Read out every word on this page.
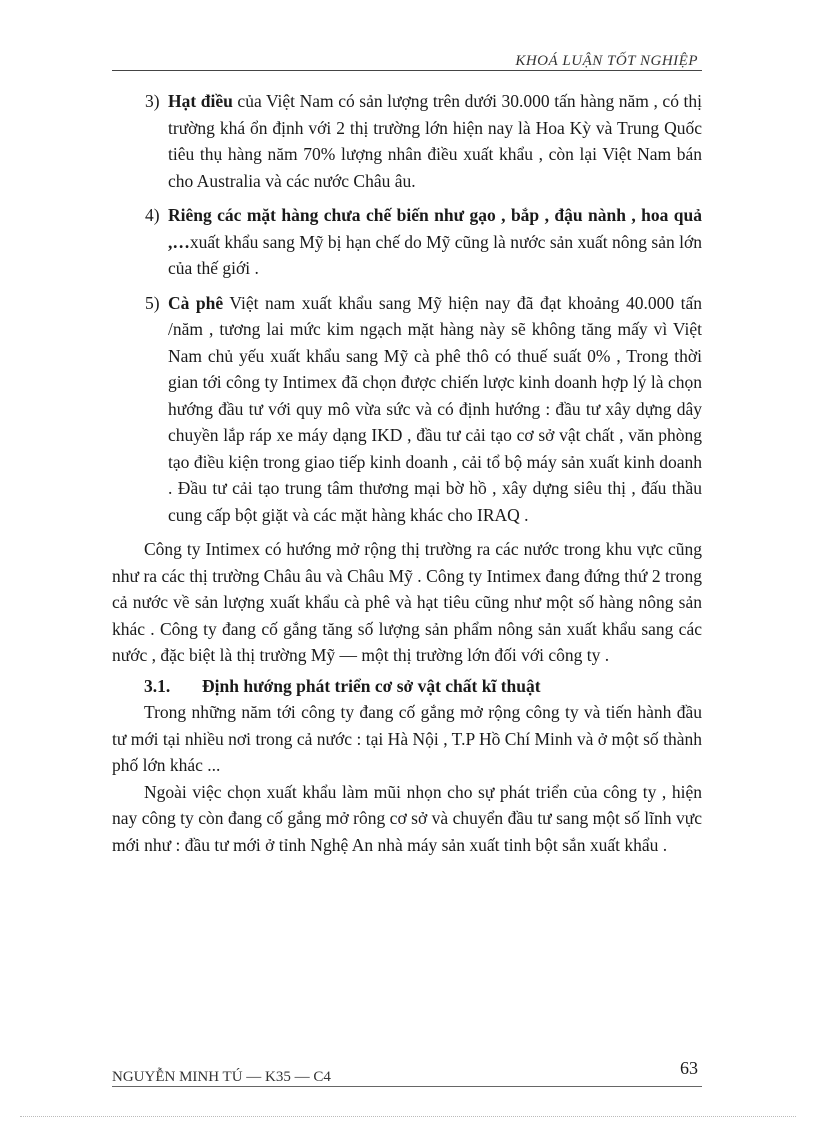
KHOÁ LUẬN TỐT NGHIỆP
3) Hạt điều của Việt Nam có sản lượng trên dưới 30.000 tấn hàng năm , có thị trường khá ổn định với 2 thị trường lớn hiện nay là Hoa Kỳ và Trung Quốc tiêu thụ hàng năm 70% lượng nhân điều xuất khẩu , còn lại Việt Nam bán cho Australia và các nước Châu âu.

4) Riêng các mặt hàng chưa chế biến như gạo , bắp , đậu nành , hoa quả ,…xuất khẩu sang Mỹ bị hạn chế do Mỹ cũng là nước sản xuất nông sản lớn của thế giới .

5) Cà phê Việt nam xuất khẩu sang Mỹ hiện nay đã đạt khoảng 40.000 tấn /năm , tương lai mức kim ngạch mặt hàng này sẽ không tăng mấy vì Việt Nam chủ yếu xuất khẩu sang Mỹ cà phê thô có thuế suất 0% , Trong thời gian tới công ty Intimex đã chọn được chiến lược kinh doanh hợp lý là chọn hướng đầu tư với quy mô vừa sức và có định hướng : đầu tư xây dựng dây chuyền lắp ráp xe máy dạng IKD , đầu tư cải tạo cơ sở vật chất , văn phòng tạo điều kiện trong giao tiếp kinh doanh , cải tổ bộ máy sản xuất kinh doanh . Đầu tư cải tạo trung tâm thương mại bờ hồ , xây dựng siêu thị , đấu thầu cung cấp bột giặt và các mặt hàng khác cho IRAQ .

Công ty Intimex có hướng mở rộng thị trường ra các nước trong khu vực cũng như ra các thị trường Châu âu và Châu Mỹ . Công ty Intimex đang đứng thứ 2 trong cả nước về sản lượng xuất khẩu cà phê và hạt tiêu cũng như một số hàng nông sản khác . Công ty đang cố gắng tăng số lượng sản phẩm nông sản xuất khẩu sang các nước , đặc biệt là thị trường Mỹ — một thị trường lớn đối với công ty .

3.1. Định hướng phát triển cơ sở vật chất kĩ thuật

Trong những năm tới công ty đang cố gắng mở rộng công ty và tiến hành đầu tư mới tại nhiều nơi trong cả nước : tại Hà Nội , T.P Hồ Chí Minh và ở một số thành phố lớn khác ...

Ngoài việc chọn xuất khẩu làm mũi nhọn cho sự phát triển của công ty , hiện nay công ty còn đang cố gắng mở rông cơ sở và chuyển đầu tư sang một số lĩnh vực mới như : đầu tư mới ở tỉnh Nghệ An nhà máy sản xuất tinh bột sắn xuất khẩu .

NGUYỄN MINH TÚ — K35 — C4	63
